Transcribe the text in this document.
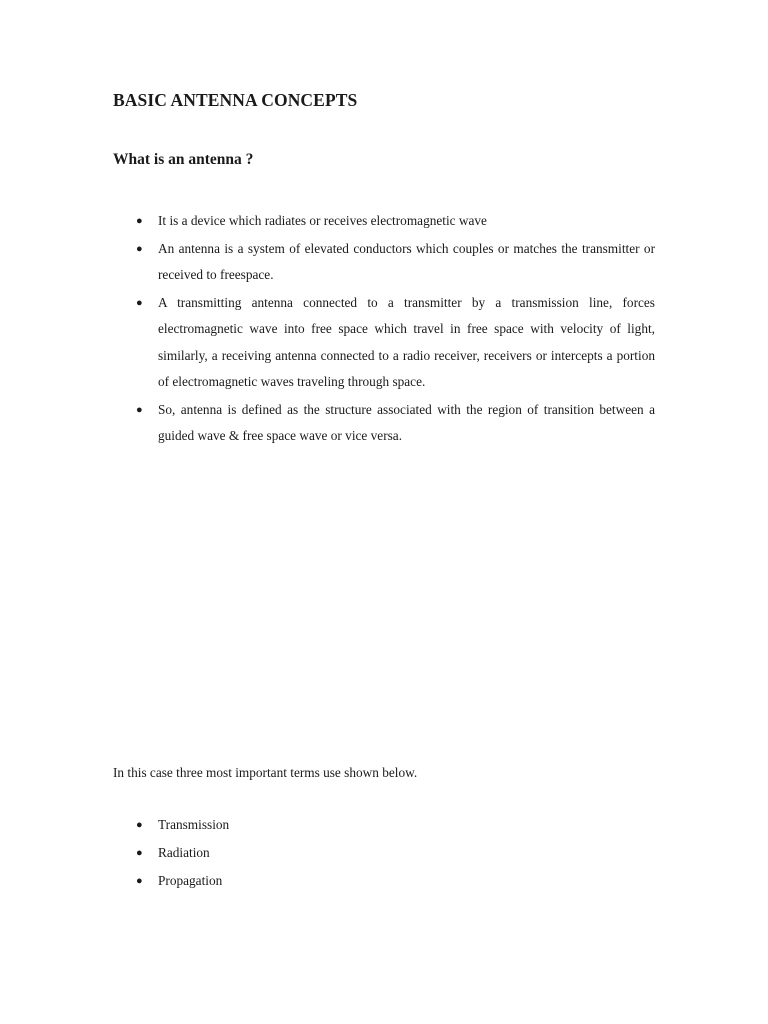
BASIC ANTENNA CONCEPTS
What is an antenna ?
● It is a device which radiates or receives electromagnetic wave
● An antenna is a system of elevated conductors which couples or matches the transmitter or received to freespace.
● A transmitting antenna connected to a transmitter by a transmission line, forces electromagnetic wave into free space which travel in free space with velocity of light, similarly, a receiving antenna connected to a radio receiver, receivers or intercepts a portion of electromagnetic waves traveling through space.
● So, antenna is defined as the structure associated with the region of transition between a guided wave & free space wave or vice versa.

In this case three most important terms use shown below.

● Transmission
● Radiation
● Propagation
